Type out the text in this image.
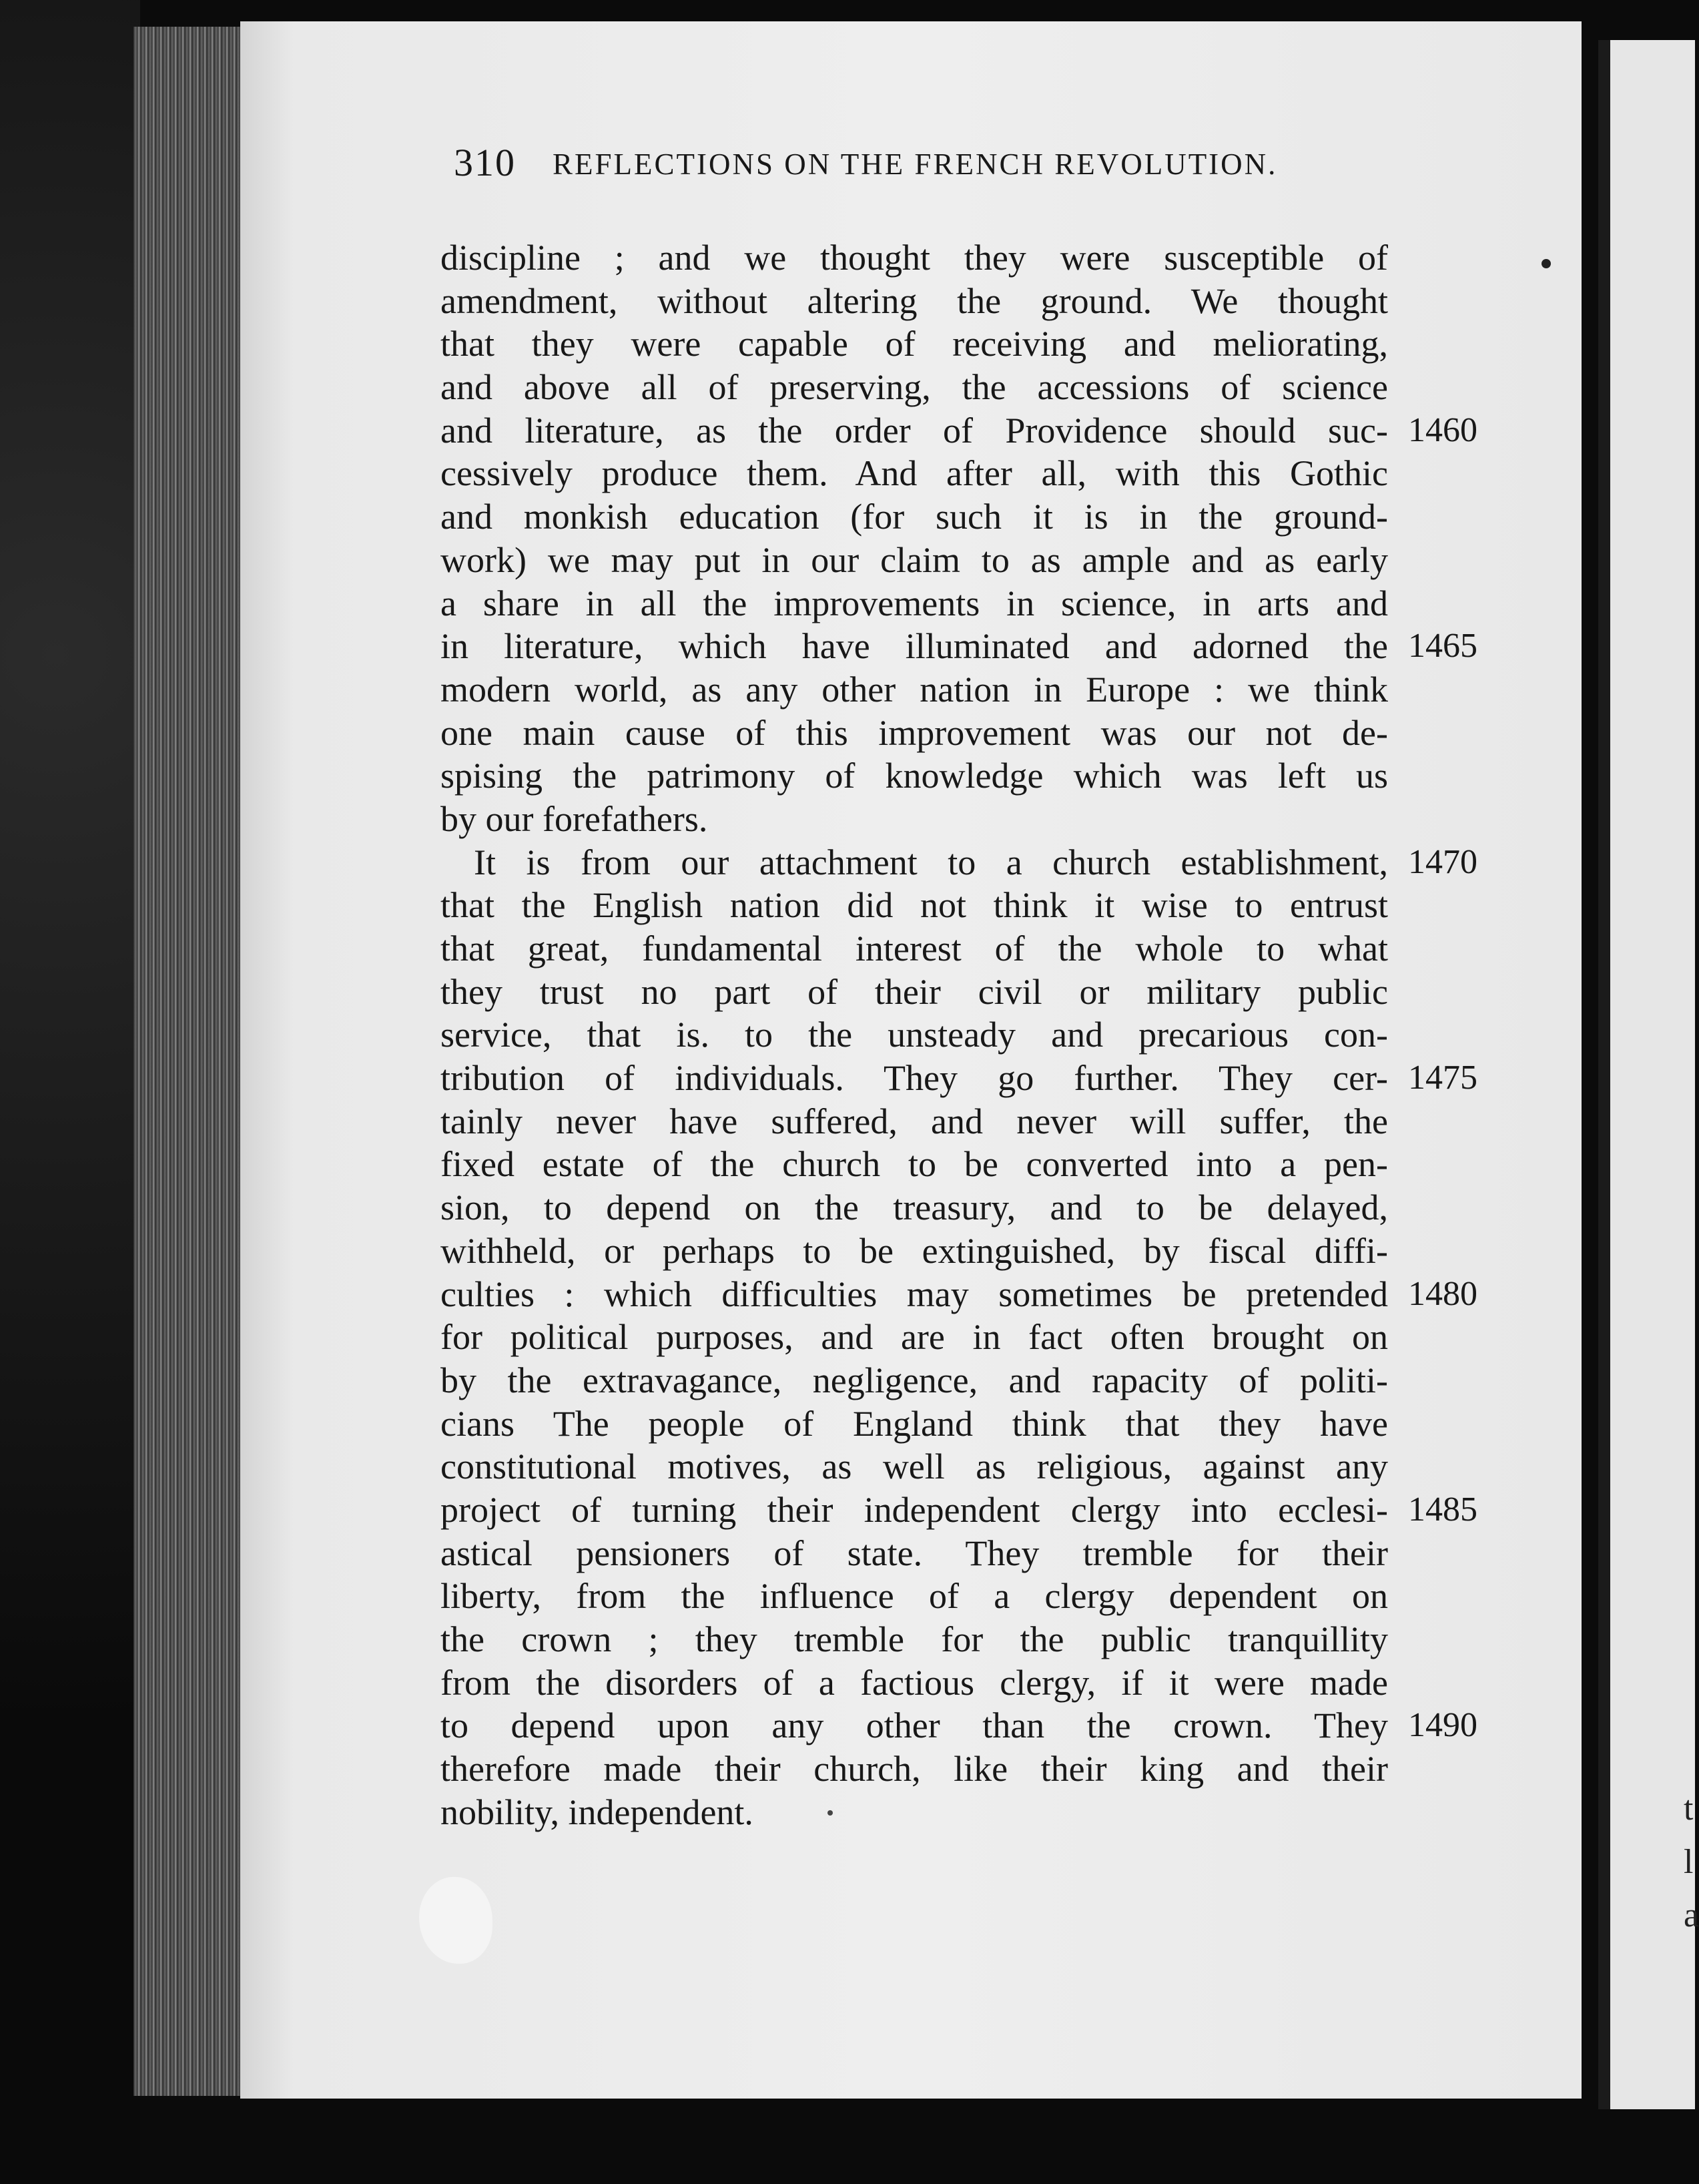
310 REFLECTIONS ON THE FRENCH REVOLUTION.
discipline ; and we thought they were susceptible of
amendment, without altering the ground. We thought
that they were capable of receiving and meliorating,
and above all of preserving, the accessions of science
and literature, as the order of Providence should suc- 1460
cessively produce them. And after all, with this Gothic
and monkish education (for such it is in the ground-
work) we may put in our claim to as ample and as early
a share in all the improvements in science, in arts and
in literature, which have illuminated and adorned the 1465
modern world, as any other nation in Europe : we think
one main cause of this improvement was our not de-
spising the patrimony of knowledge which was left us
by our forefathers.
It is from our attachment to a church establishment, 1470
that the English nation did not think it wise to entrust
that great, fundamental interest of the whole to what
they trust no part of their civil or military public
service, that is. to the unsteady and precarious con-
tribution of individuals. They go further. They cer- 1475
tainly never have suffered, and never will suffer, the
fixed estate of the church to be converted into a pen-
sion, to depend on the treasury, and to be delayed,
withheld, or perhaps to be extinguished, by fiscal diffi-
culties : which difficulties may sometimes be pretended 1480
for political purposes, and are in fact often brought on
by the extravagance, negligence, and rapacity of politi-
cians The people of England think that they have
constitutional motives, as well as religious, against any
project of turning their independent clergy into ecclesi- 1485
astical pensioners of state. They tremble for their
liberty, from the influence of a clergy dependent on
the crown ; they tremble for the public tranquillity
from the disorders of a factious clergy, if it were made
to depend upon any other than the crown. They 1490
therefore made their church, like their king and their
nobility, independent.	t
l
a
